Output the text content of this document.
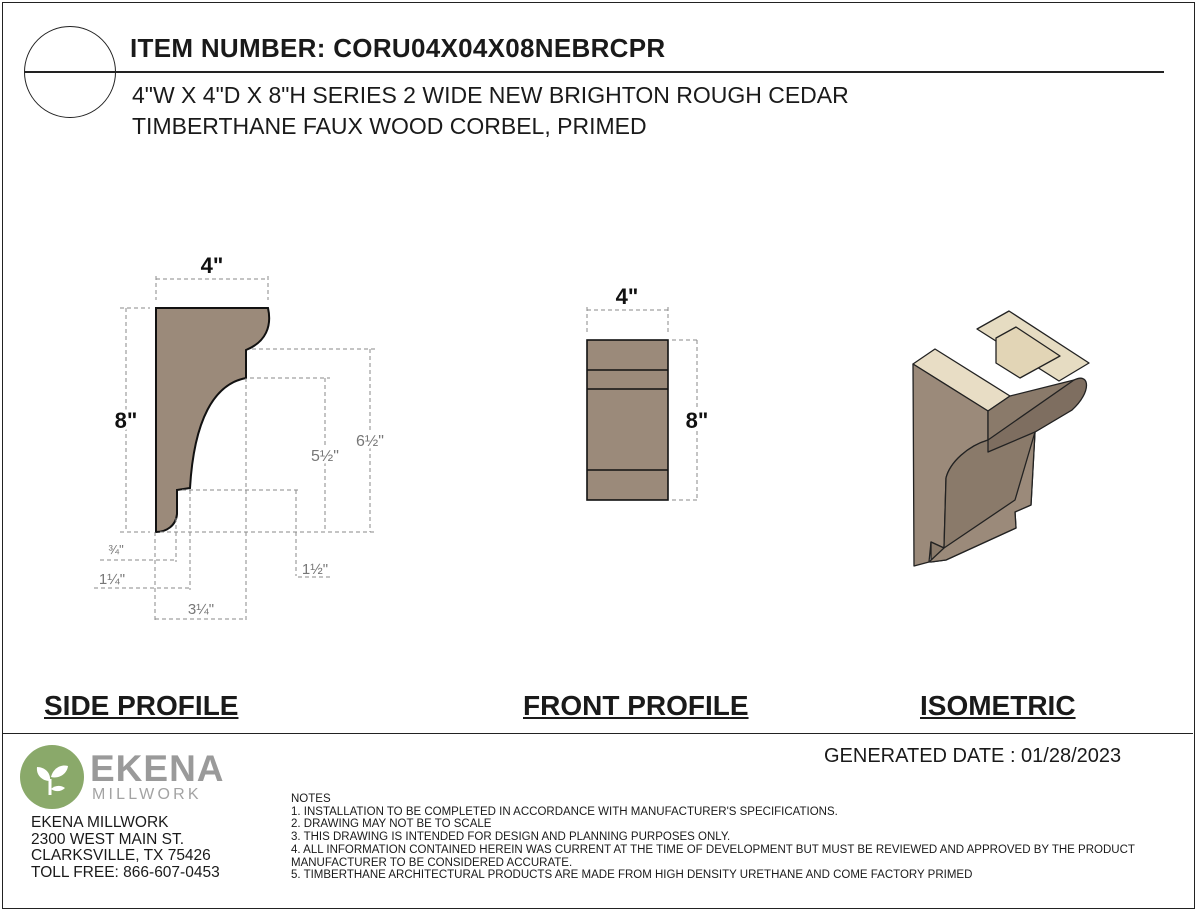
ITEM NUMBER: CORU04X04X08NEBRCPR
4"W X 4"D X 8"H SERIES 2 WIDE NEW BRIGHTON ROUGH CEDAR
TIMBERTHANE FAUX WOOD CORBEL, PRIMED
4"
8"
5½"
6½"
¾"
1¼"
1½"
3¼"
4"
8"
SIDE PROFILE	FRONT PROFILE	ISOMETRIC
GENERATED DATE : 01/28/2023
EKENA
MILLWORK
EKENA MILLWORK
2300 WEST MAIN ST.
CLARKSVILLE, TX 75426
TOLL FREE: 866-607-0453
NOTES
1. INSTALLATION TO BE COMPLETED IN ACCORDANCE WITH MANUFACTURER'S SPECIFICATIONS.
2. DRAWING MAY NOT BE TO SCALE
3. THIS DRAWING IS INTENDED FOR DESIGN AND PLANNING PURPOSES ONLY.
4. ALL INFORMATION CONTAINED HEREIN WAS CURRENT AT THE TIME OF DEVELOPMENT BUT MUST BE REVIEWED AND APPROVED BY THE PRODUCT MANUFACTURER TO BE CONSIDERED ACCURATE.
5. TIMBERTHANE ARCHITECTURAL PRODUCTS ARE MADE FROM HIGH DENSITY URETHANE AND COME FACTORY PRIMED
